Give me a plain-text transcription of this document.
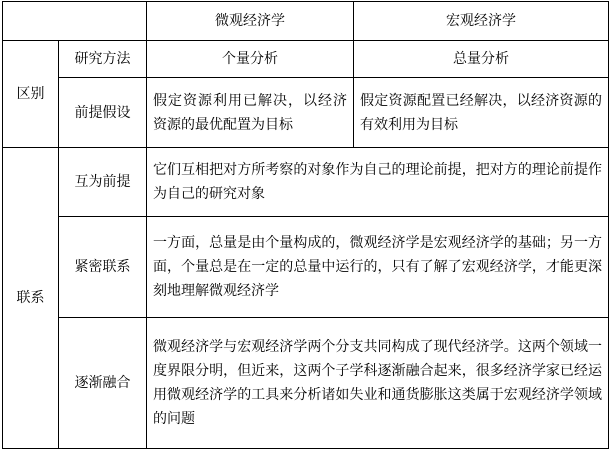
		微观经济学	宏观经济学
区别	研究方法	个量分析	总量分析
	前提假设	假定资源利用已解决，以经济资源的最优配置为目标	假定资源配置已经解决，以经济资源的有效利用为目标
联系	互为前提	它们互相把对方所考察的对象作为自己的理论前提，把对方的理论前提作为自己的研究对象	
	紧密联系	一方面，总量是由个量构成的，微观经济学是宏观经济学的基础；另一方面，个量总是在一定的总量中运行的，只有了解了宏观经济学，才能更深刻地理解微观经济学	
	逐渐融合	微观经济学与宏观经济学两个分支共同构成了现代经济学。这两个领域一度界限分明，但近来，这两个子学科逐渐融合起来，很多经济学家已经运用微观经济学的工具来分析诸如失业和通货膨胀这类属于宏观经济学领域的问题	
